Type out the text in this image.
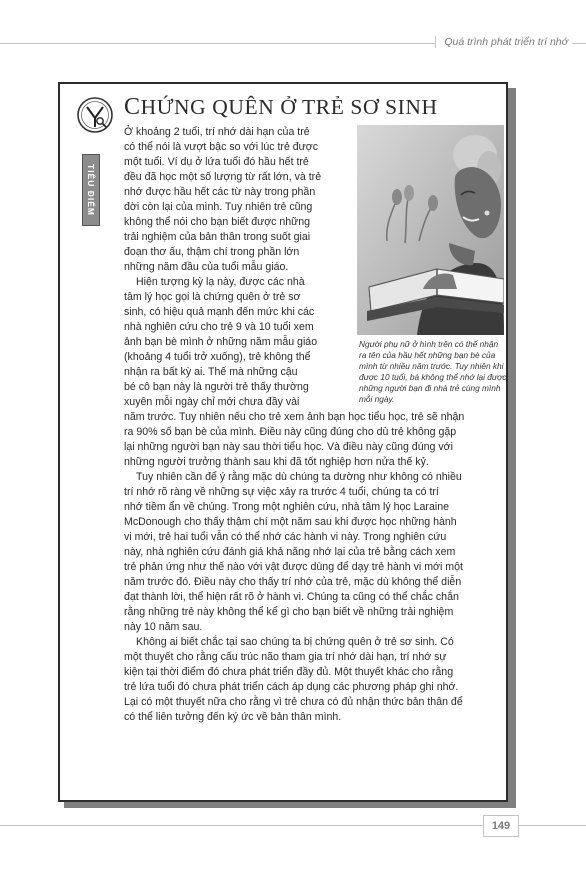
Quá trình phát triển trí nhớ
CHỨNG QUÊN Ở TRẺ SƠ SINH
TIÊU ĐIỂM
Người phụ nữ ở hình trên có thể nhận ra tên của hầu hết những bạn bè của mình từ nhiều năm trước. Tuy nhiên khi được 10 tuổi, bà không thể nhớ lại được những người bạn đi nhà trẻ cùng mình mỗi ngày.
Ở khoảng 2 tuổi, trí nhớ dài hạn của trẻ
có thể nói là vượt bậc so với lúc trẻ được
một tuổi. Ví dụ ở lứa tuổi đó hầu hết trẻ
đều đã học một số lượng từ rất lớn, và trẻ
nhớ được hầu hết các từ này trong phần
đời còn lại của mình. Tuy nhiên trẻ cũng
không thể nói cho bạn biết được những
trải nghiệm của bản thân trong suốt giai
đoạn thơ ấu, thậm chí trong phần lớn
những năm đầu của tuổi mẫu giáo.
Hiện tượng kỳ lạ này, được các nhà
tâm lý học gọi là chứng quên ở trẻ sơ
sinh, có hiệu quả mạnh đến mức khi các
nhà nghiên cứu cho trẻ 9 và 10 tuổi xem
ảnh bạn bè mình ở những năm mẫu giáo
(khoảng 4 tuổi trở xuống), trẻ không thể
nhận ra bất kỳ ai. Thế mà những cậu
bé cô bạn này là người trẻ thấy thường
xuyên mỗi ngày chỉ mới chưa đầy vài
năm trước. Tuy nhiên nếu cho trẻ xem ảnh bạn học tiểu học, trẻ sẽ nhận
ra 90% số bạn bè của mình. Điều này cũng đúng cho dù trẻ không gặp
lại những người bạn này sau thời tiểu học. Và điều này cũng đúng với
những người trưởng thành sau khi đã tốt nghiệp hơn nửa thế kỷ.
Tuy nhiên cần để ý rằng mặc dù chúng ta dường như không có nhiều
trí nhớ rõ ràng về những sự việc xảy ra trước 4 tuổi, chúng ta có trí
nhớ tiềm ẩn về chúng. Trong một nghiên cứu, nhà tâm lý học Laraine
McDonough cho thấy thậm chí một năm sau khi được học những hành
vi mới, trẻ hai tuổi vẫn có thể nhớ các hành vi này. Trong nghiên cứu
này, nhà nghiên cứu đánh giá khả năng nhớ lại của trẻ bằng cách xem
trẻ phản ứng như thế nào với vật được dùng để dạy trẻ hành vi mới một
năm trước đó. Điều này cho thấy trí nhớ của trẻ, mặc dù không thể diễn
đạt thành lời, thể hiện rất rõ ở hành vi. Chúng ta cũng có thể chắc chắn
rằng những trẻ này không thể kể gì cho bạn biết về những trải nghiệm
này 10 năm sau.
Không ai biết chắc tại sao chúng ta bị chứng quên ở trẻ sơ sinh. Có
một thuyết cho rằng cấu trúc não tham gia trí nhớ dài hạn, trí nhớ sự
kiện tại thời điểm đó chưa phát triển đầy đủ. Một thuyết khác cho rằng
trẻ lứa tuổi đó chưa phát triển cách áp dụng các phương pháp ghi nhớ.
Lại có một thuyết nữa cho rằng vì trẻ chưa có đủ nhận thức bản thân để
có thể liên tưởng đến ký ức về bản thân mình.
149
